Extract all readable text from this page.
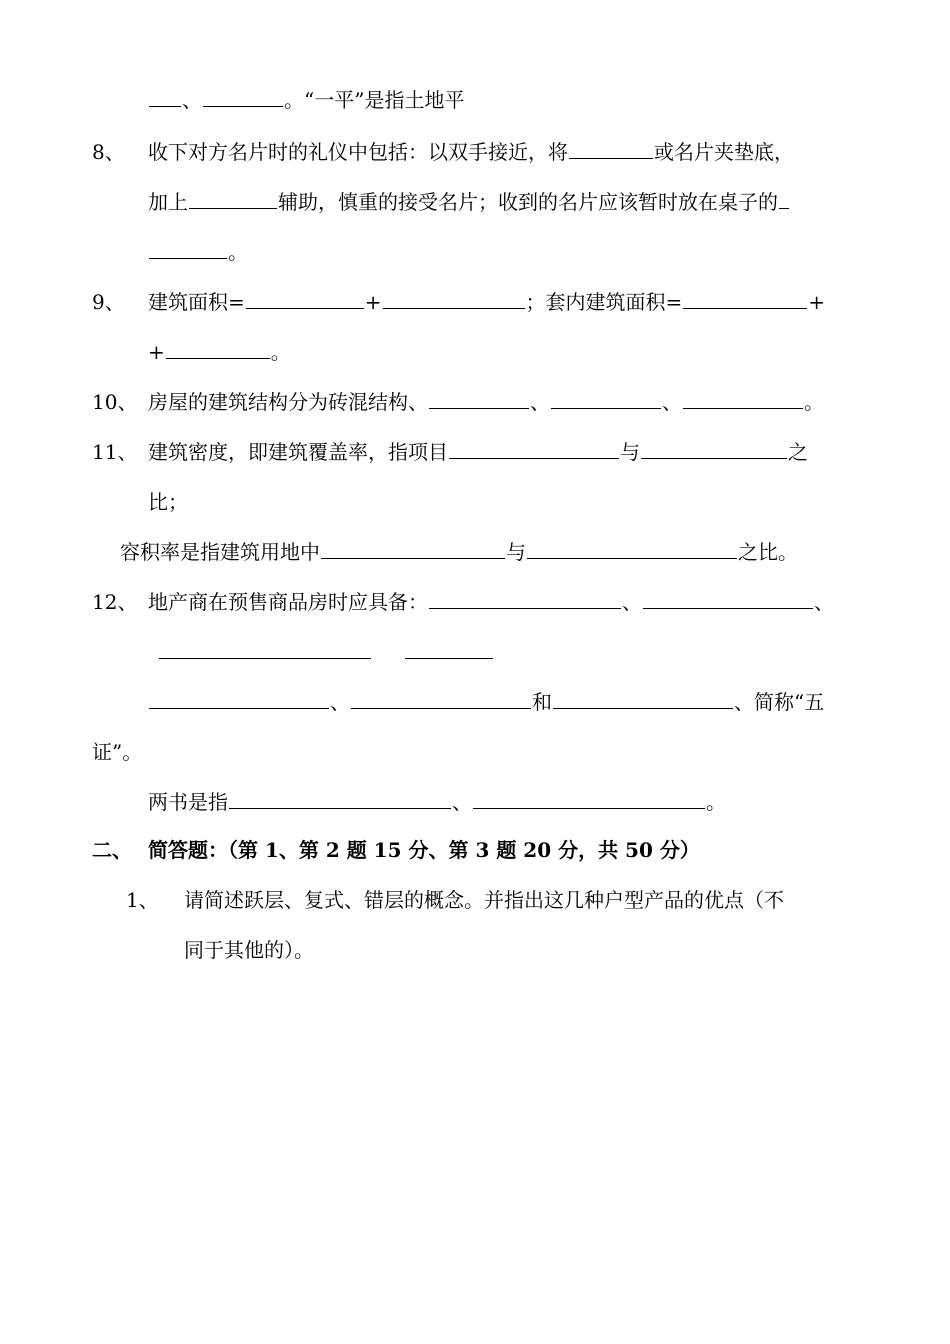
、	。“一平”是指土地平
8、 收下对方名片时的礼仪中包括：以双手接近，将	或名片夹垫底，
加上	辅助，慎重的接受名片；收到的名片应该暂时放在桌子的
。
9、 建筑面积=	+	；套内建筑面积=	+
+	。
10、 房屋的建筑结构分为砖混结构、	、	、	。
11、 建筑密度，即建筑覆盖率，指项目	与	之
比；
容积率是指建筑用地中	与	之比。
12、 地产商在预售商品房时应具备：	、	、
、	和	、简称“五
证”。
两书是指	、	。
二、 简答题：（第 1、第 2 题 15 分、第 3 题 20 分，共 50 分）
1、 请简述跃层、复式、错层的概念。并指出这几种户型产品的优点（不
同于其他的）。
